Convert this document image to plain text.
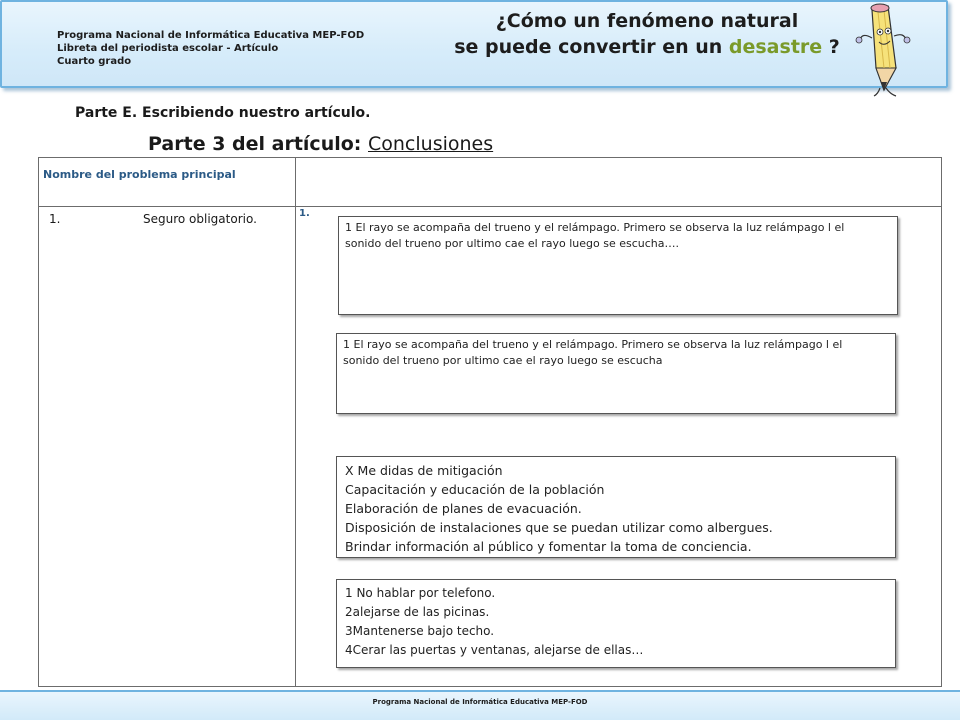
Programa Nacional de Informática Educativa MEP-FOD
Libreta del periodista escolar - Artículo
Cuarto grado
¿Cómo un fenómeno natural
se puede convertir en un desastre ?
Parte E. Escribiendo nuestro artículo.
Parte 3 del artículo: Conclusiones
Nombre del problema principal
1.	Seguro obligatorio.	1.
1 El rayo se acompaña del trueno y el relámpago. Primero se observa la luz relámpago l el
sonido del trueno por ultimo cae el rayo luego se escucha….
1 El rayo se acompaña del trueno y el relámpago. Primero se observa la luz relámpago l el
sonido del trueno por ultimo cae el rayo luego se escucha
X Me didas de mitigación
Capacitación y educación de la población
Elaboración de planes de evacuación.
Disposición de instalaciones que se puedan utilizar como albergues.
Brindar información al público y fomentar la toma de conciencia.
1 No hablar por telefono.
2alejarse de las picinas.
3Mantenerse bajo techo.
4Cerar las puertas y ventanas, alejarse de ellas…
Programa Nacional de Informática Educativa MEP-FOD
